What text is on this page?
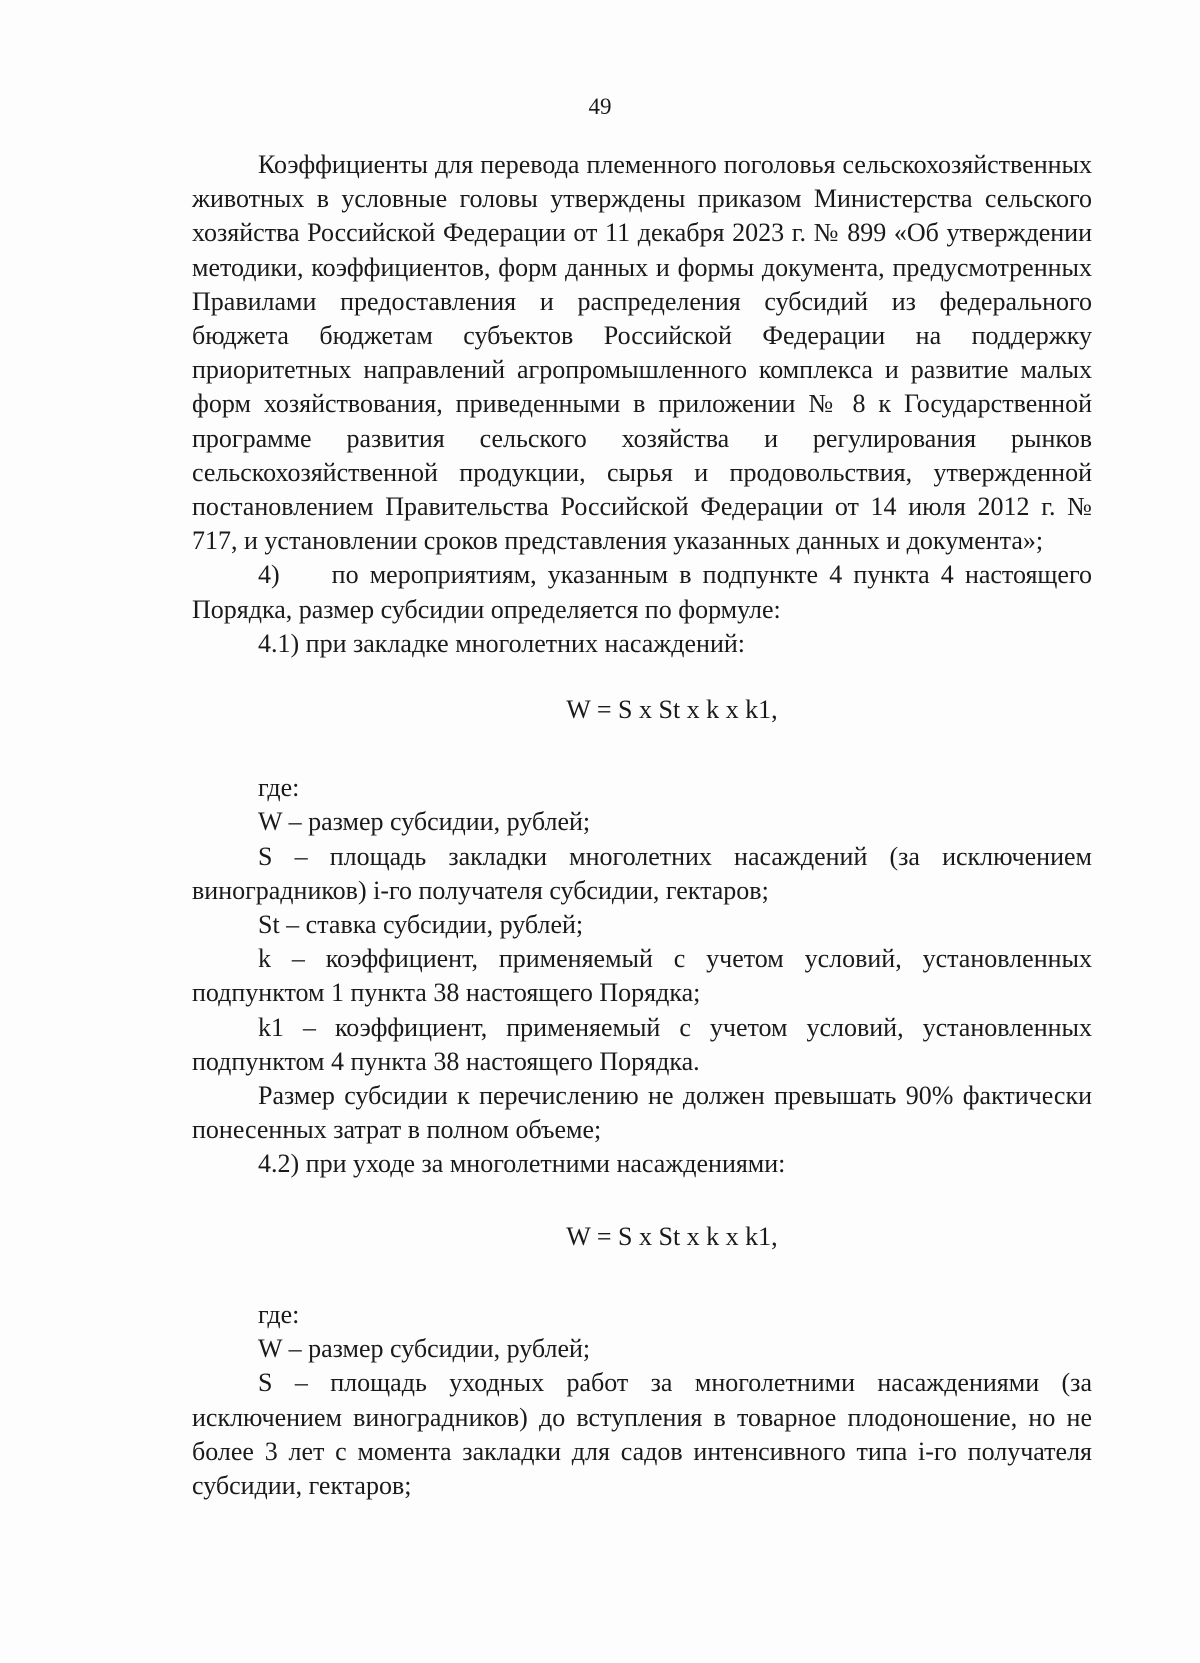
49

Коэффициенты для перевода племенного поголовья сельскохозяйственных животных в условные головы утверждены приказом Министерства сельского хозяйства Российской Федерации от 11 декабря 2023 г. № 899 «Об утверждении методики, коэффициентов, форм данных и формы документа, предусмотренных Правилами предоставления и распределения субсидий из федерального бюджета бюджетам субъектов Российской Федерации на поддержку приоритетных направлений агропромышленного комплекса и развитие малых форм хозяйствования, приведенными в приложении № 8 к Государственной программе развития сельского хозяйства и регулирования рынков сельскохозяйственной продукции, сырья и продовольствия, утвержденной постановлением Правительства Российской Федерации от 14 июля 2012 г. № 717, и установлении сроков представления указанных данных и документа»;

4)  по мероприятиям, указанным в подпункте 4 пункта 4 настоящего Порядка, размер субсидии определяется по формуле:

4.1) при закладке многолетних насаждений:

W = S x St x k x k1,

где:

W – размер субсидии, рублей;

S – площадь закладки многолетних насаждений (за исключением виноградников) i-го получателя субсидии, гектаров;

St – ставка субсидии, рублей;

k – коэффициент, применяемый с учетом условий, установленных подпунктом 1 пункта 38 настоящего Порядка;

k1 – коэффициент, применяемый с учетом условий, установленных подпунктом 4 пункта 38 настоящего Порядка.

Размер субсидии к перечислению не должен превышать 90% фактически понесенных затрат в полном объеме;

4.2) при уходе за многолетними насаждениями:

W = S x St x k x k1,

где:

W – размер субсидии, рублей;

S – площадь уходных работ за многолетними насаждениями (за исключением виноградников) до вступления в товарное плодоношение, но не более 3 лет с момента закладки для садов интенсивного типа i-го получателя субсидии, гектаров;
